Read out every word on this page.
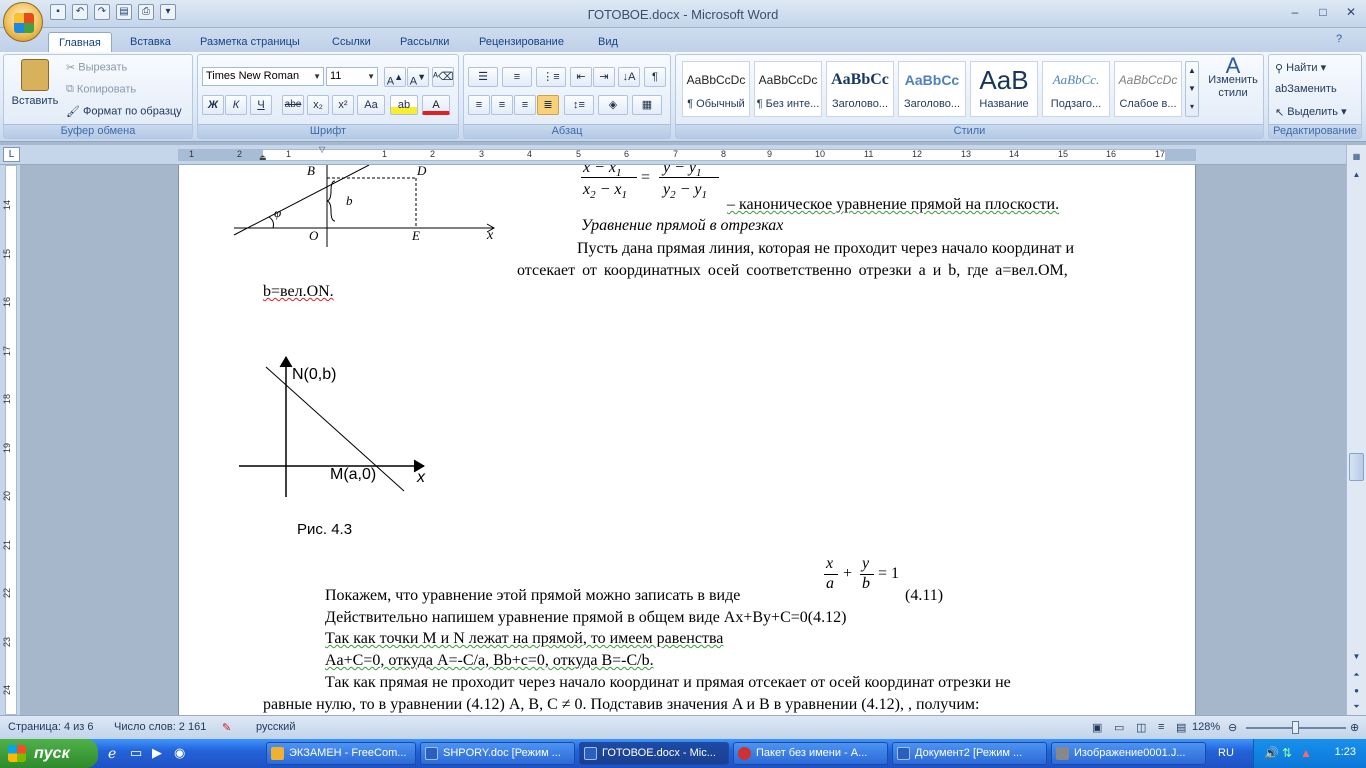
▪	↶	↷	▤	⎙	▾	ГОТОВОЕ.docx - Microsoft Word	–	□	✕
Главная	Вставка	Разметка страницы	Ссылки	Рассылки	Рецензирование	Вид	?
Вставить
✂ Вырезать
⧉ Копировать
🖌 Формат по образцу
Буфер обмена
Times New Roman ▼ 11	▼ A▲ A▼ ᴬ⌫
Ж	К	Ч	abe	x₂	x²	Aa	ab	A
Шрифт
☰	≡	⋮≡	⇤	⇥	↓A	¶
≡	≡	≡	≣	↕≡	◈	▦
Абзац
AaBbCcDc
¶ Обычный
AaBbCcDc
¶ Без инте...
AaBbCc
Заголово...
AaBbCc
Заголово...
AaB
Название
AaBbCc.
Подзаго...
AaBbCcDc
Слабое в...
▲
▼
▾
A
Изменить стили
Стили
⚲ Найти ▾
abЗаменить
↖ Выделить ▾
Редактирование
L	1	2	1	1	2	3	4	5	6	7	8	9	10	11	12	13	14	15	16	17
⏏
▽
14
15
16
17
18
19
20
21
22
23
24
B	D
b
φ
O	E	x
$x - x_1$
$x_2 - x_1$
=
$y - y_1$
$y_2 - y_1$
– каноническое уравнение прямой на плоскости.
Уравнение прямой в отрезках
Пусть дана прямая линия, которая не проходит через начало координат и
отсекает от координатных осей соответственно отрезки a и b, где a=вел.OM,
b=вел.ON.
N(0,b)
M(a,0)	x
Рис. 4.3
x
a
+
y
b
= 1
Покажем, что уравнение этой прямой можно записать в виде	(4.11)
Действительно напишем уравнение прямой в общем виде Ax+By+C=0(4.12)
Так как точки M и N лежат на прямой, то имеем равенства
Aa+C=0, откуда A=-C/a, Bb+c=0, откуда B=-C/b.
Так как прямая не проходит через начало координат и прямая отсекает от осей координат отрезки не
равные нулю, то в уравнении (4.12) A, B, C ≠ 0. Подставив значения A и B в уравнении (4.12), , получим:
▦
▲
▼
⏶
●
⏷
Страница: 4 из 6 Число слов: 2 161 ✎ русский	▣ ▭ ◫ ≡ ▤ 128% ⊖	⊕
пуск	ℯ ▭ ▶ ◉	ЭКЗАМЕН - FreeCom...	SHPORY.doc [Режим ...	ГОТОВОЕ.docx - Mic...	Пакет без имени - A...	Документ2 [Режим ...	Изображение0001.J...	RU	🔊 ⇅ ▲ 1:23
